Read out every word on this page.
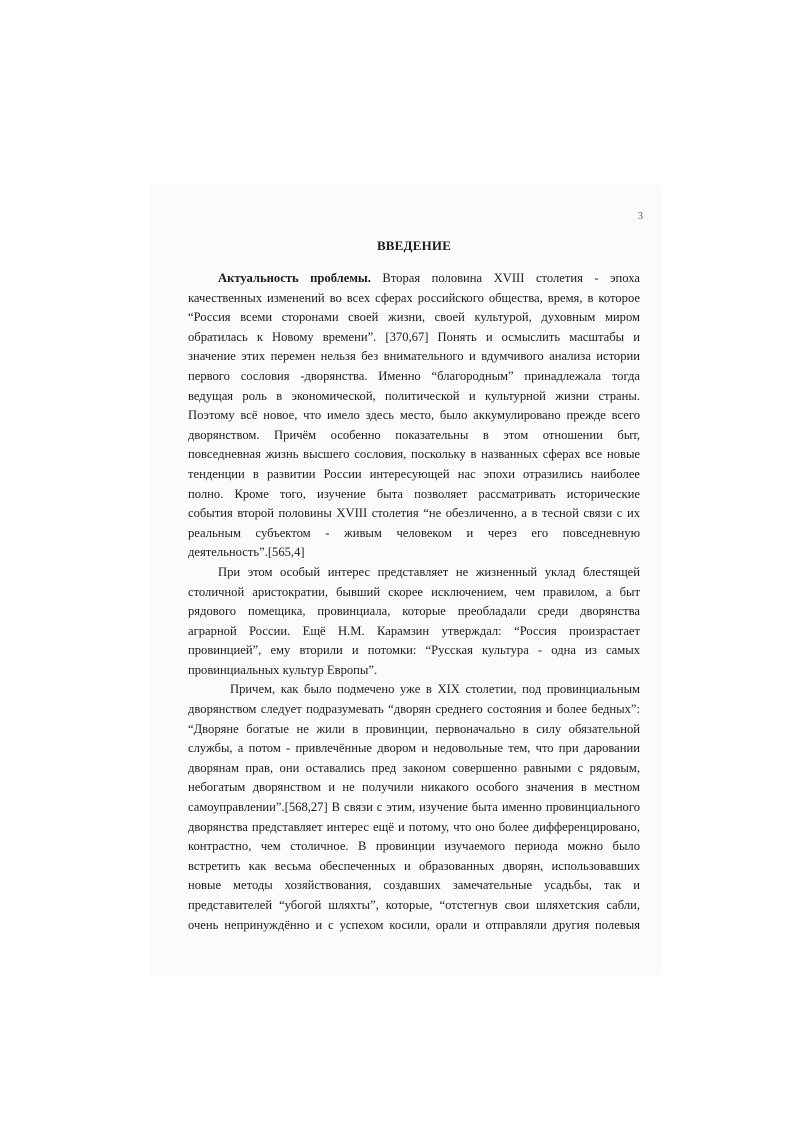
3
ВВЕДЕНИЕ
Актуальность проблемы. Вторая половина XVIII столетия - эпоха
качественных изменений во всех сферах российского общества, время, в которое
“Россия всеми сторонами своей жизни, своей культурой, духовным миром
обратилась к Новому времени”. [370,67] Понять и осмыслить масштабы и
значение этих перемен нельзя без внимательного и вдумчивого анализа истории
первого сословия -дворянства. Именно “благородным” принадлежала тогда
ведущая роль в экономической, политической и культурной жизни страны.
Поэтому всё новое, что имело здесь место, было аккумулировано прежде всего
дворянством. Причём особенно показательны в этом отношении быт,
повседневная жизнь высшего сословия, поскольку в названных сферах все новые
тенденции в развитии России интересующей нас эпохи отразились наиболее
полно. Кроме того, изучение быта позволяет рассматривать исторические
события второй половины XVIII столетия “не обезличенно, а в тесной связи с их
реальным субъектом - живым человеком и через его повседневную
деятельность”.[565,4]
При этом особый интерес представляет не жизненный уклад блестящей
столичной аристократии, бывший скорее исключением, чем правилом, а быт
рядового помещика, провинциала, которые преобладали среди дворянства
аграрной России. Ещё Н.М. Карамзин утверждал: “Россия произрастает
провинцией”, ему вторили и потомки: “Русская культура - одна из самых
провинциальных культур Европы”.
Причем, как было подмечено уже в XIX столетии, под провинциальным
дворянством следует подразумевать “дворян среднего состояния и более бедных”:
“Дворяне богатые не жили в провинции, первоначально в силу обязательной
службы, а потом - привлечённые двором и недовольные тем, что при даровании
дворянам прав, они оставались пред законом совершенно равными с рядовым,
небогатым дворянством и не получили никакого особого значения в местном
самоуправлении”.[568,27] В связи с этим, изучение быта именно провинциального
дворянства представляет интерес ещё и потому, что оно более дифференцировано,
контрастно, чем столичное. В провинции изучаемого периода можно было
встретить как весьма обеспеченных и образованных дворян, использовавших
новые методы хозяйствования, создавших замечательные усадьбы, так и
представителей “убогой шляхты”, которые, “отстегнув свои шляхетския сабли,
очень непринуждённо и с успехом косили, орали и отправляли другия полевыя
